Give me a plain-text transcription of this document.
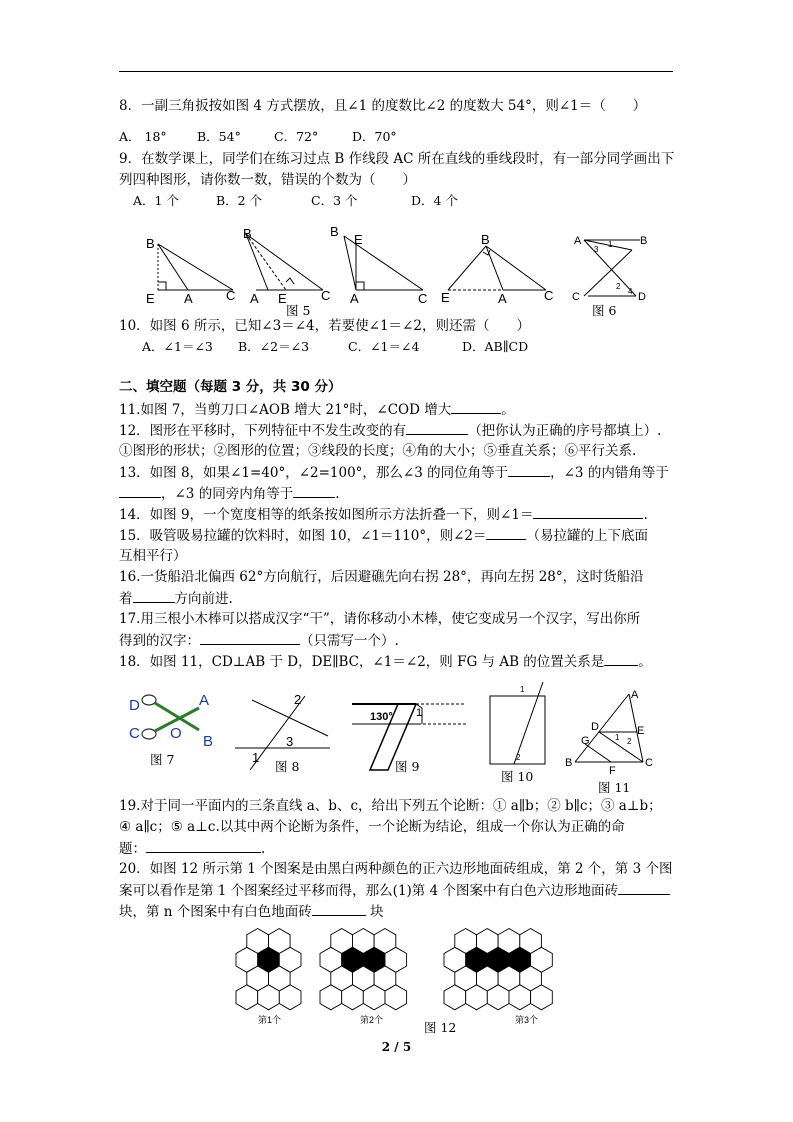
8．一副三角扳按如图 4 方式摆放，且∠1 的度数比∠2 的度数大 54°，则∠1＝（　　）
A． 18° B．54°	C．72°	D．70°
9．在数学课上，同学们在练习过点 B 作线段 AC 所在直线的垂线段时，有一部分同学画出下
列四种图形，请你数一数，错误的个数为（　　）
A．1 个	B．2 个	C．3 个	D．4 个
B
E A	C
B
A E	C
B
E
A	C
B
E	A	C
图 5
A	B
C	D
1
3
2
4
图 6
10．如图 6 所示，已知∠3＝∠4，若要使∠1＝∠2，则还需（　　）
A．∠1＝∠3 B．∠2＝∠3	C．∠1＝∠4	D．AB∥CD
二、填空题（每题 3 分，共 30 分）
11.如图 7，当剪刀口∠AOB 增大 21°时，∠COD 增大	。
12．图形在平移时，下列特征中不发生改变的有	（把你认为正确的序号都填上）.
①图形的形状；②图形的位置；③线段的长度；④角的大小；⑤垂直关系；⑥平行关系.
13．如图 8，如果∠1=40°，∠2=100°，那么∠3 的同位角等于	，∠3 的内错角等于
，∠3 的同旁内角等于	.
14．如图 9，一个宽度相等的纸条按如图所示方法折叠一下，则∠1＝	.
15．吸管吸易拉罐的饮料时，如图 10，∠1＝110°，则∠2＝	（易拉罐的上下底面
互相平行）
16.一货船沿北偏西 62°方向航行，后因避礁先向右拐 28°，再向左拐 28°，这时货船沿
着	方向前进.
17.用三根小木棒可以搭成汉字“干”，请你移动小木棒，使它变成另一个汉字，写出你所
得到的汉字：	（只需写一个）.
18．如图 11，CD⊥AB 于 D，DE∥BC，∠1＝∠2，则 FG 与 AB 的位置关系是	。
D	A
C O B
图 7
2
3
1
图 8
130° 1
图 9
1
2
图 10
A
D	E
G
B
F
C
1 2
图 11
19.对于同一平面内的三条直线 a、b、c，给出下列五个论断：① a∥b；② b∥c；③ a⊥b；
④ a∥c；⑤ a⊥c.以其中两个论断为条件，一个论断为结论，组成一个你认为正确的命
题：	.
20．如图 12 所示第 1 个图案是由黑白两种颜色的正六边形地面砖组成，第 2 个，第 3 个图
案可以看作是第 1 个图案经过平移而得，那么(1)第 4 个图案中有白色六边形地面砖
块，第 n 个图案中有白色地面砖	块
第1个	第2个	第3个
图 12
2 / 5
